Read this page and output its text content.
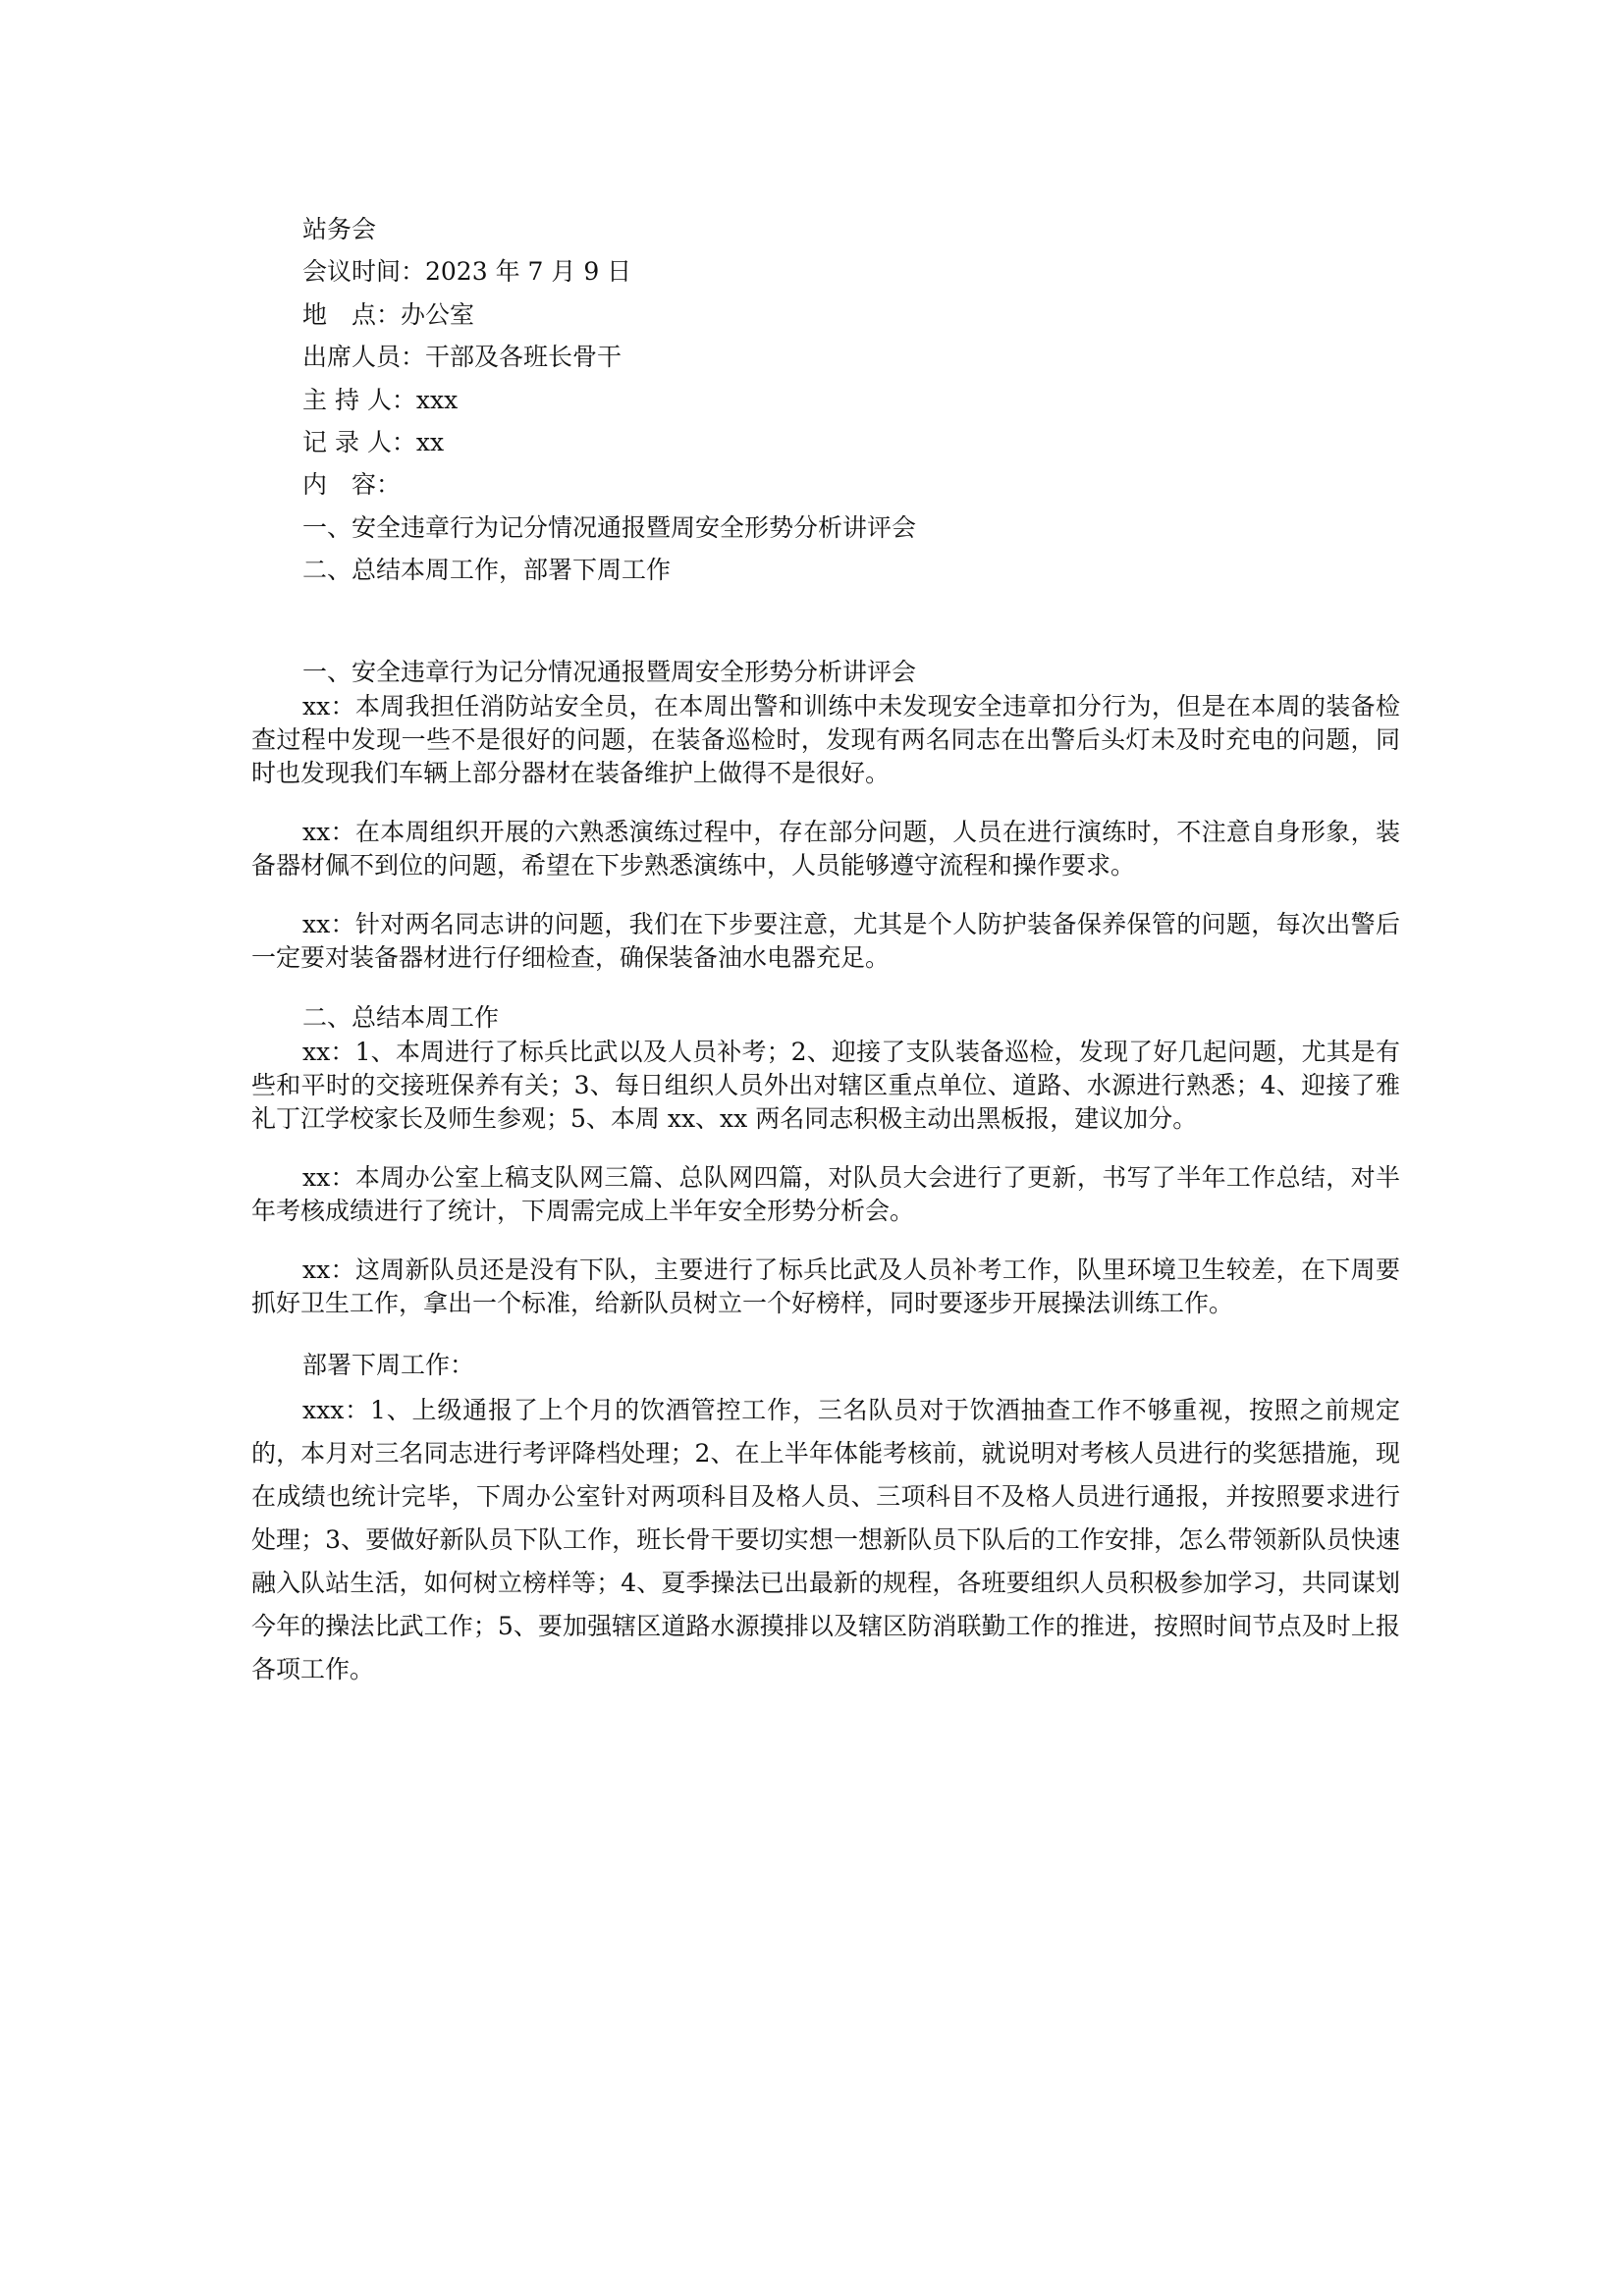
站务会

会议时间：2023 年 7 月 9 日

地　点：办公室

出席人员：干部及各班长骨干

主 持 人：xxx

记 录 人：xx

内　容：

一、安全违章行为记分情况通报暨周安全形势分析讲评会

二、总结本周工作，部署下周工作

一、安全违章行为记分情况通报暨周安全形势分析讲评会

xx：本周我担任消防站安全员，在本周出警和训练中未发现安全违章扣分行为，但是在本周的装备检查过程中发现一些不是很好的问题，在装备巡检时，发现有两名同志在出警后头灯未及时充电的问题，同时也发现我们车辆上部分器材在装备维护上做得不是很好。

xx：在本周组织开展的六熟悉演练过程中，存在部分问题，人员在进行演练时，不注意自身形象，装备器材佩不到位的问题，希望在下步熟悉演练中，人员能够遵守流程和操作要求。

xx：针对两名同志讲的问题，我们在下步要注意，尤其是个人防护装备保养保管的问题，每次出警后一定要对装备器材进行仔细检查，确保装备油水电器充足。

二、总结本周工作

xx：1、本周进行了标兵比武以及人员补考；2、迎接了支队装备巡检，发现了好几起问题，尤其是有些和平时的交接班保养有关；3、每日组织人员外出对辖区重点单位、道路、水源进行熟悉；4、迎接了雅礼丁江学校家长及师生参观；5、本周 xx、xx 两名同志积极主动出黑板报，建议加分。

xx：本周办公室上稿支队网三篇、总队网四篇，对队员大会进行了更新，书写了半年工作总结，对半年考核成绩进行了统计，下周需完成上半年安全形势分析会。

xx：这周新队员还是没有下队，主要进行了标兵比武及人员补考工作，队里环境卫生较差，在下周要抓好卫生工作，拿出一个标准，给新队员树立一个好榜样，同时要逐步开展操法训练工作。

部署下周工作：

xxx：1、上级通报了上个月的饮酒管控工作，三名队员对于饮酒抽查工作不够重视，按照之前规定的，本月对三名同志进行考评降档处理；2、在上半年体能考核前，就说明对考核人员进行的奖惩措施，现在成绩也统计完毕，下周办公室针对两项科目及格人员、三项科目不及格人员进行通报，并按照要求进行处理；3、要做好新队员下队工作，班长骨干要切实想一想新队员下队后的工作安排，怎么带领新队员快速融入队站生活，如何树立榜样等；4、夏季操法已出最新的规程，各班要组织人员积极参加学习，共同谋划今年的操法比武工作；5、要加强辖区道路水源摸排以及辖区防消联勤工作的推进，按照时间节点及时上报各项工作。
